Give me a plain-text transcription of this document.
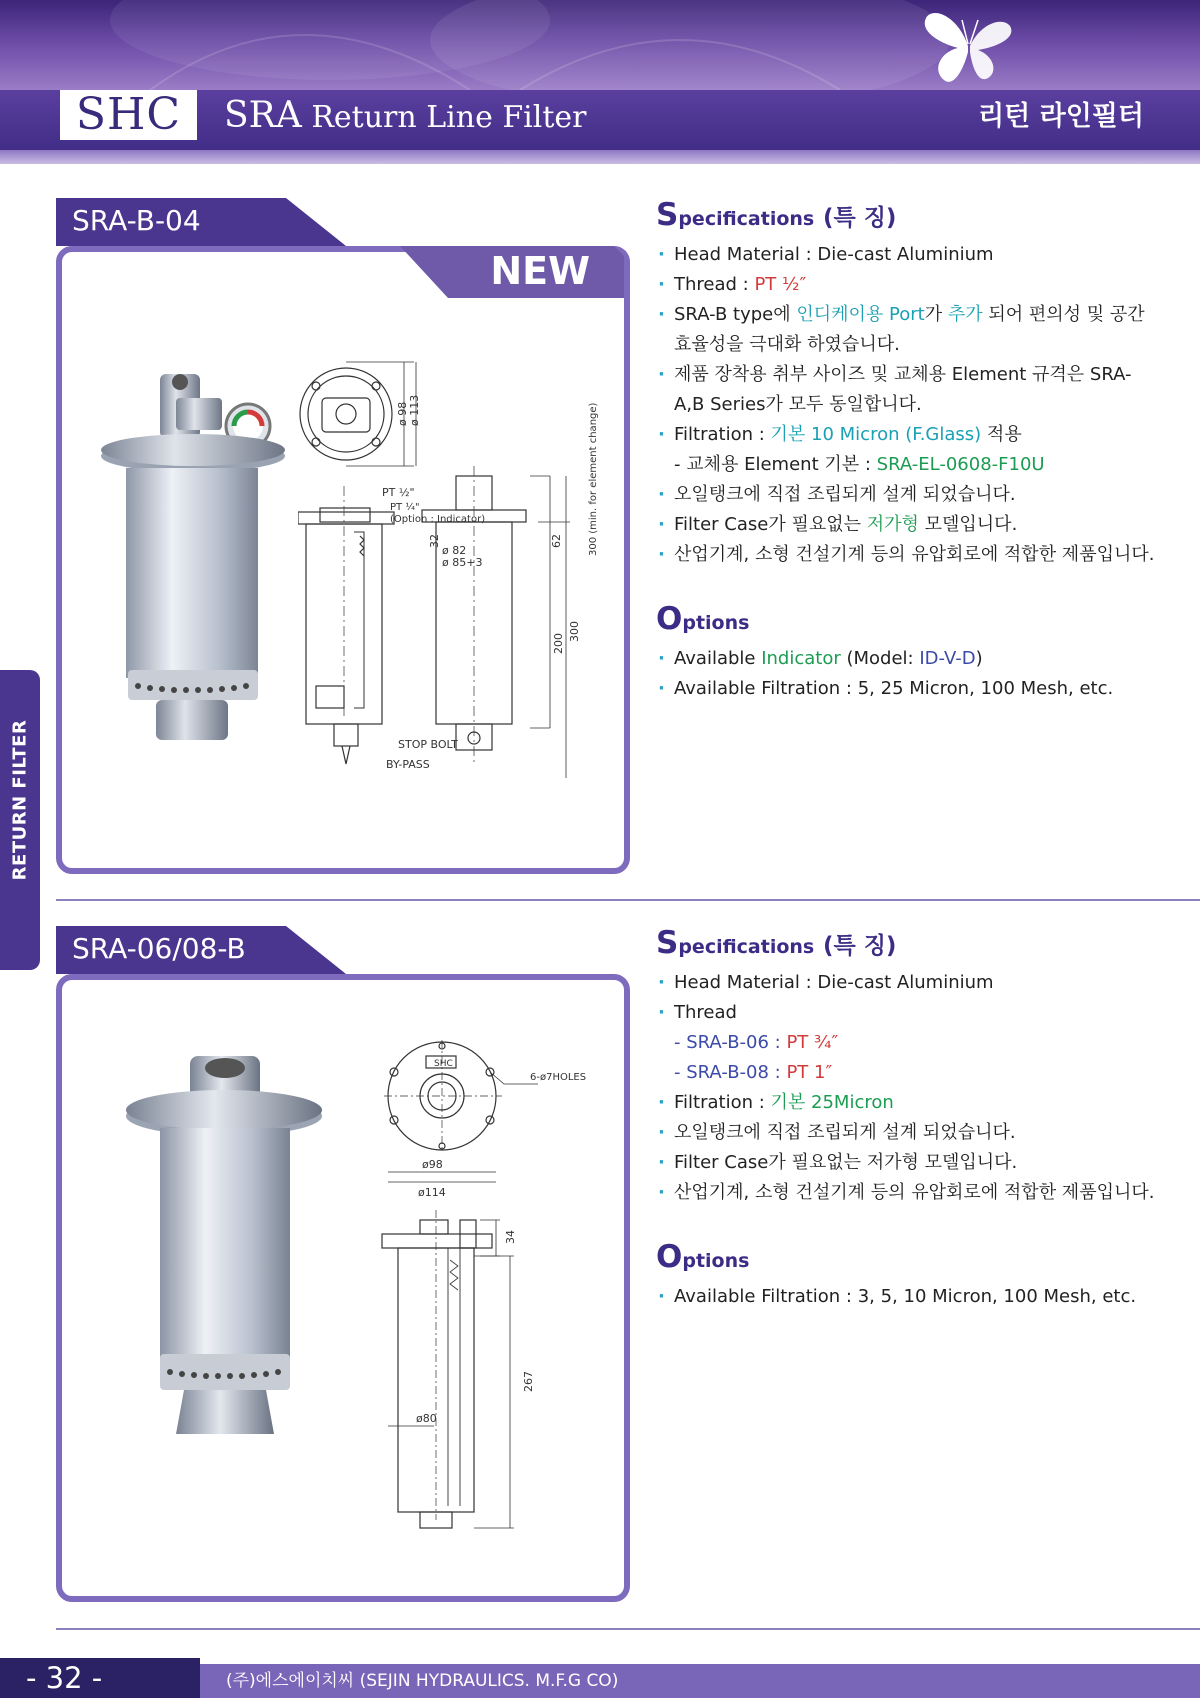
SHC	SRA Return Line Filter	리턴 라인필터
RETURN FILTER
SRA-B-04
NEW
ø 98 ø 113
PT ½"
PT ¼"
(Option : Indicator)
ø 82
ø 85+3
32	62
200
300
300 (min. for element change)
STOP BOLT
BY-PASS
Specifications (특 징)
· Head Material : Die-cast Aluminium
· Thread : PT ½″
· SRA-B type에 인디케이용 Port가 추가 되어 편의성 및 공간 효율성을 극대화 하였습니다.
· 제품 장착용 취부 사이즈 및 교체용 Element 규격은 SRA-A,B Series가 모두 동일합니다.
· Filtration : 기본 10 Micron (F.Glass) 적용
- 교체용 Element 기본 : SRA-EL-0608-F10U
· 오일탱크에 직접 조립되게 설계 되었습니다.
· Filter Case가 필요없는 저가형 모델입니다.
· 산업기계, 소형 건설기계 등의 유압회로에 적합한 제품입니다.
Options
· Available Indicator (Model: ID-V-D)
· Available Filtration : 5, 25 Micron, 100 Mesh, etc.
SRA-06/08-B
SHC
6-ø7HOLES
ø98
ø114
34
267
ø80
Specifications (특 징)
· Head Material : Die-cast Aluminium
· Thread
- SRA-B-06 : PT ¾″
- SRA-B-08 : PT 1″
· Filtration : 기본 25Micron
· 오일탱크에 직접 조립되게 설계 되었습니다.
· Filter Case가 필요없는 저가형 모델입니다.
· 산업기계, 소형 건설기계 등의 유압회로에 적합한 제품입니다.
Options
· Available Filtration : 3, 5, 10 Micron, 100 Mesh, etc.
- 32 -	(주)에스에이치씨 (SEJIN HYDRAULICS. M.F.G CO)
